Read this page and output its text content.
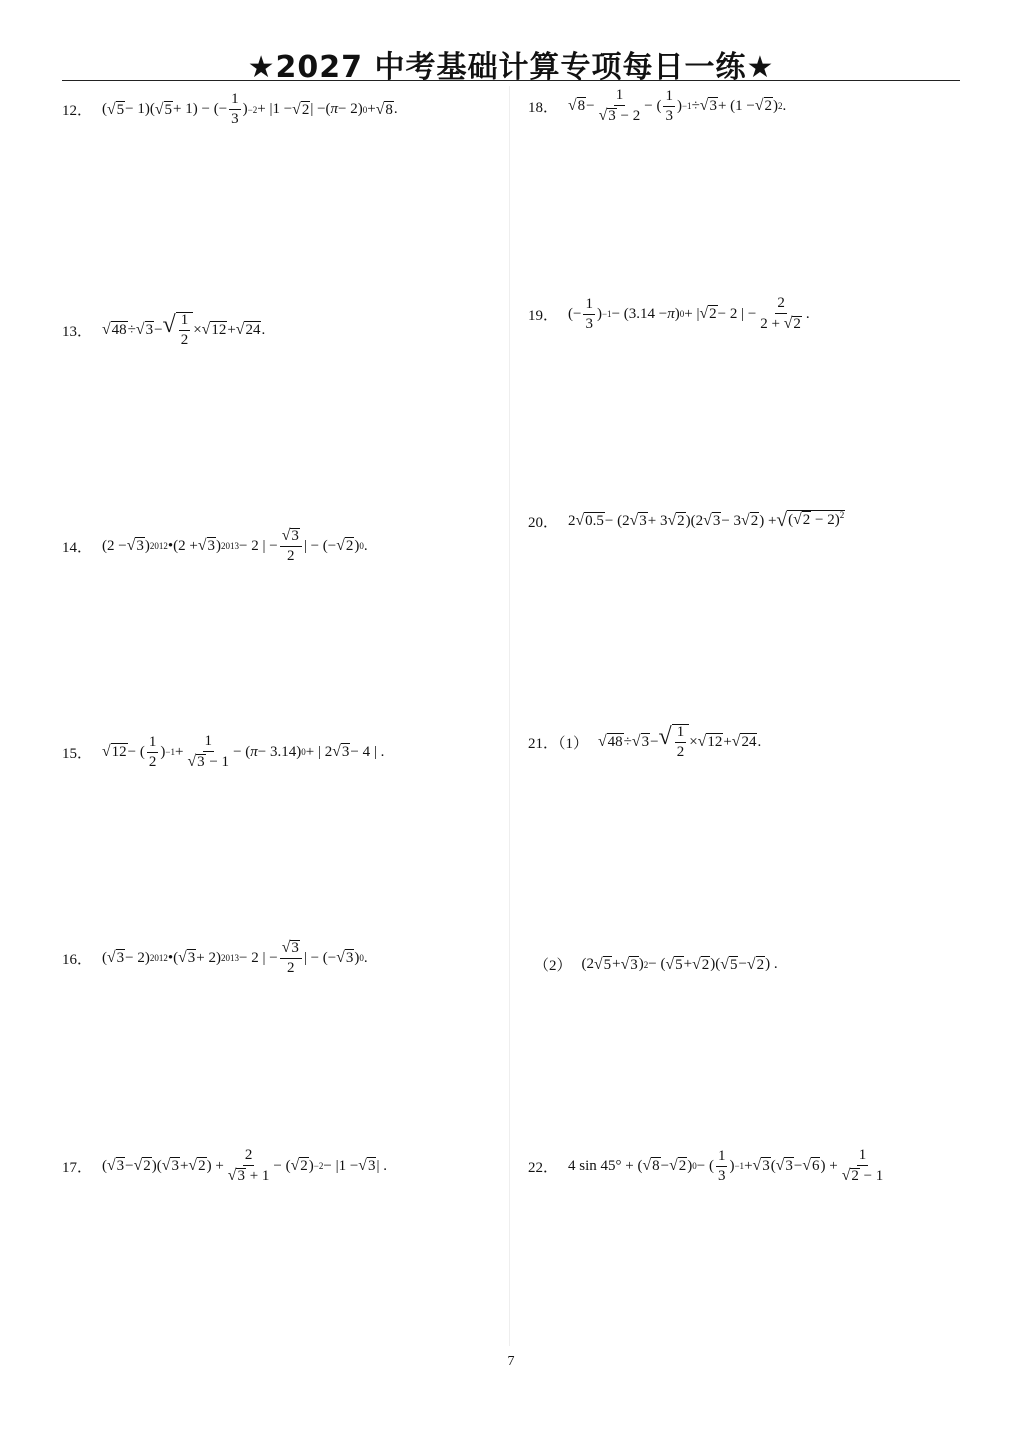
★2027 中考基础计算专项每日一练★
12． ( √ 5 − 1)( √ 5 + 1) − (− $\frac{1}{3}$ ) −2 + |1 − √ 2 | −( π − 2) 0 + √ 8 .	18． √ $8 - \frac{1}{√ 3 - 2}$ − ( $\frac{1}{3}$ ) −1 ÷ √ 3 + (1 − √ 2 ) 2 .
13． √ 48 ÷ √ 3 − √ $\frac{1}{2}$ × √ 12 + √ 24 .
19． (− $\frac{1}{3}$ ) −1 − (3.14 − π ) 0 + | √ 2 − 2 | − $\frac{2}{2 + √ 2}$ .
14． (2 − √ 3 ) 2012 •(2 + √ 3 ) 2013 − 2 | − $\frac{√ 3}{2}$ | − (− √ 2 ) 0 .
20． 2 √ 0.5 − (2 √ 3 + 3 √ 2 )(2 √ 3 − 3 √ 2 ) + √ ( √ 2 − 2)$^2$
15． √ 12 − ( $\frac{1}{2}$ ) $-1 + \frac{1}{√ 3 - 1}$ − ( π − 3.14) 0 + | 2 √ 3 − 4 | .	21．（1） √ 48 ÷ √ 3 − √ $\frac{1}{2}$ × √ 12 + √ 24 .
16． ( √ 3 − 2) 2012 •( √ 3 + 2) 2013 − 2 | − $\frac{√ 3}{2}$ | − (− √ 3 ) 0 .
（2） (2 √ 5 + √ 3 ) 2 − ( √ 5 + √ 2 )( √ 5 − √ 2 ) .
17． ( √ 3 − √ 2 )( √ 3 + √ 2 ) + $\frac{2}{√ 3 + 1}$ − ( √ 2 ) −2 − |1 − √ 3 | .	22． 4 sin 45° + ( √ 8 − √ 2 ) 0 − ( $\frac{1}{3}$ ) −1 + √ 3 ( √ 3 − √ 6 ) + $\frac{1}{√ 2 - 1}$
7
